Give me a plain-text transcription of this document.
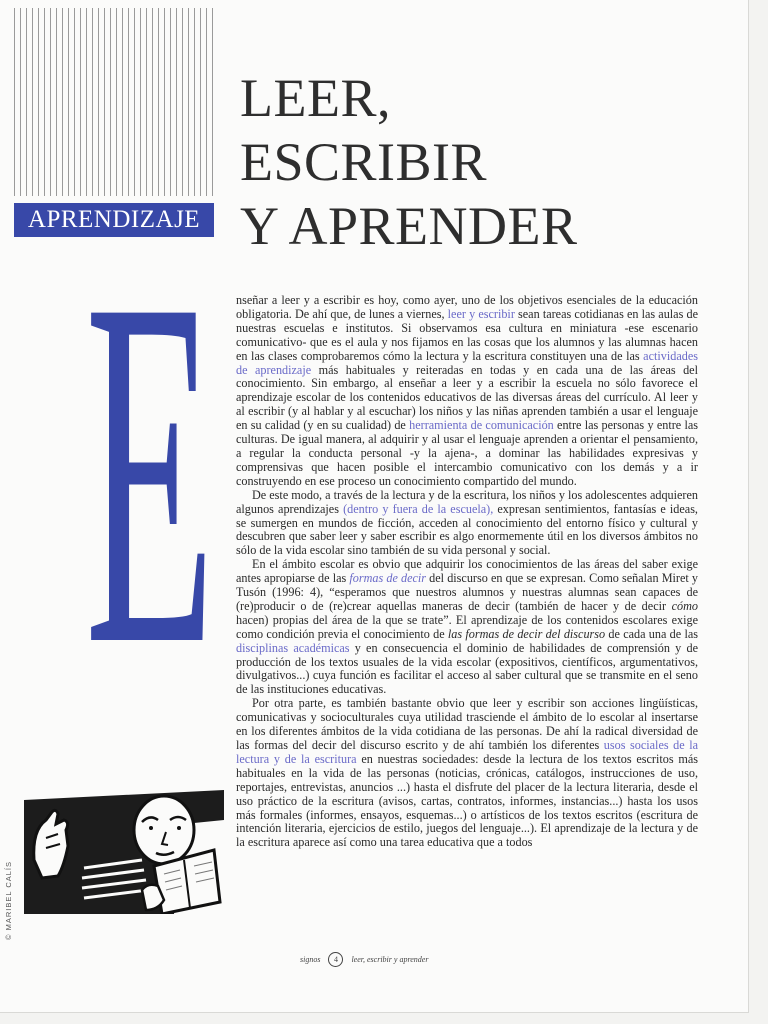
APRENDIZAJE
LEER,
ESCRIBIR
Y APRENDER
E nseñar a leer y a escribir es hoy, como ayer, uno de los objetivos esenciales de la educación obligatoria. De ahí que, de lunes a viernes, leer y escribir sean tareas cotidianas en las aulas de nuestras escuelas e institutos. Si observamos esa cultura en miniatura -ese escenario comunicativo- que es el aula y nos fijamos en las cosas que los alumnos y las alumnas hacen en las clases comprobaremos cómo la lectura y la escritura constituyen una de las actividades de aprendizaje más habituales y reiteradas en todas y en cada una de las áreas del conocimiento. Sin embargo, al enseñar a leer y a escribir la escuela no sólo favorece el aprendizaje escolar de los contenidos educativos de las diversas áreas del currículo. Al leer y al escribir (y al hablar y al escuchar) los niños y las niñas aprenden también a usar el lenguaje en su calidad (y en su cualidad) de herramienta de comunicación entre las personas y entre las culturas. De igual manera, al adquirir y al usar el lenguaje aprenden a orientar el pensamiento, a regular la conducta personal -y la ajena-, a dominar las habilidades expresivas y comprensivas que hacen posible el intercambio comunicativo con los demás y a ir construyendo en ese proceso un conocimiento compartido del mundo.

De este modo, a través de la lectura y de la escritura, los niños y los adolescentes adquieren algunos aprendizajes (dentro y fuera de la escuela), expresan sentimientos, fantasías e ideas, se sumergen en mundos de ficción, acceden al conocimiento del entorno físico y cultural y descubren que saber leer y saber escribir es algo enormemente útil en los diversos ámbitos no sólo de la vida escolar sino también de su vida personal y social.

En el ámbito escolar es obvio que adquirir los conocimientos de las áreas del saber exige antes apropiarse de las formas de decir del discurso en que se expresan. Como señalan Miret y Tusón (1996: 4), “esperamos que nuestros alumnos y nuestras alumnas sean capaces de (re)producir o de (re)crear aquellas maneras de decir (también de hacer y de decir cómo hacen) propias del área de la que se trate”. El aprendizaje de los contenidos escolares exige como condición previa el conocimiento de las formas de decir del discurso de cada una de las disciplinas académicas y en consecuencia el dominio de habilidades de comprensión y de producción de los textos usuales de la vida escolar (expositivos, científicos, argumentativos, divulgativos...) cuya función es facilitar el acceso al saber cultural que se transmite en el seno de las instituciones educativas.

Por otra parte, es también bastante obvio que leer y escribir son acciones lingüísticas, comunicativas y socioculturales cuya utilidad trasciende el ámbito de lo escolar al insertarse en los diferentes ámbitos de la vida cotidiana de las personas. De ahí la radical diversidad de las formas del decir del discurso escrito y de ahí también los diferentes usos sociales de la lectura y de la escritura en nuestras sociedades: desde la lectura de los textos escritos más habituales en la vida de las personas (noticias, crónicas, catálogos, instrucciones de uso, reportajes, entrevistas, anuncios ...) hasta el disfrute del placer de la lectura literaria, desde el uso práctico de la escritura (avisos, cartas, contratos, informes, instancias...) hasta los usos más formales (informes, ensayos, esquemas...) o artísticos de los textos escritos (escritura de intención literaria, ejercicios de estilo, juegos del lenguaje...). El aprendizaje de la lectura y de la escritura aparece así como una tarea educativa que a todos

© MARIBEL CALÍS
signos	4	leer, escribir y aprender
